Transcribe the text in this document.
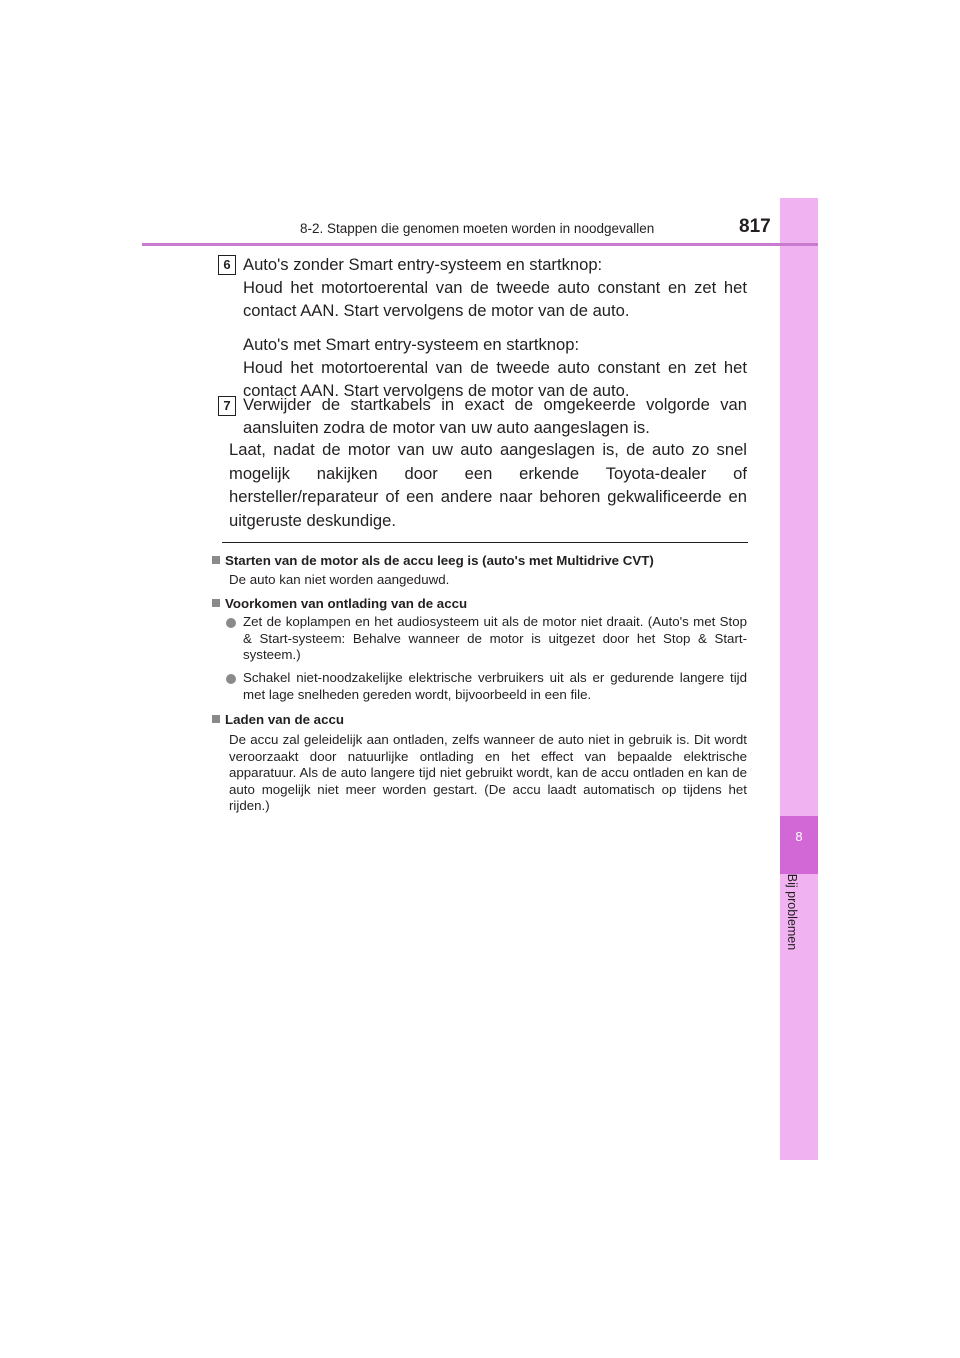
8
Bij problemen
8-2. Stappen die genomen moeten worden in noodgevallen	817
6 Auto's zonder Smart entry-systeem en startknop:
Houd het motortoerental van de tweede auto constant en zet het contact AAN. Start vervolgens de motor van de auto.
Auto's met Smart entry-systeem en startknop:
Houd het motortoerental van de tweede auto constant en zet het contact AAN. Start vervolgens de motor van de auto.
7 Verwijder de startkabels in exact de omgekeerde volgorde van aansluiten zodra de motor van uw auto aangeslagen is.
Laat, nadat de motor van uw auto aangeslagen is, de auto zo snel mogelijk nakijken door een erkende Toyota-dealer of hersteller/reparateur of een andere naar behoren gekwalificeerde en uitgeruste deskundige.
Starten van de motor als de accu leeg is (auto's met Multidrive CVT)
De auto kan niet worden aangeduwd.
Voorkomen van ontlading van de accu
Zet de koplampen en het audiosysteem uit als de motor niet draait. (Auto's met Stop & Start-systeem: Behalve wanneer de motor is uitgezet door het Stop & Start-systeem.)
Schakel niet-noodzakelijke elektrische verbruikers uit als er gedurende langere tijd met lage snelheden gereden wordt, bijvoorbeeld in een file.
Laden van de accu
De accu zal geleidelijk aan ontladen, zelfs wanneer de auto niet in gebruik is. Dit wordt veroorzaakt door natuurlijke ontlading en het effect van bepaalde elektrische apparatuur. Als de auto langere tijd niet gebruikt wordt, kan de accu ontladen en kan de auto mogelijk niet meer worden gestart. (De accu laadt automatisch op tijdens het rijden.)
